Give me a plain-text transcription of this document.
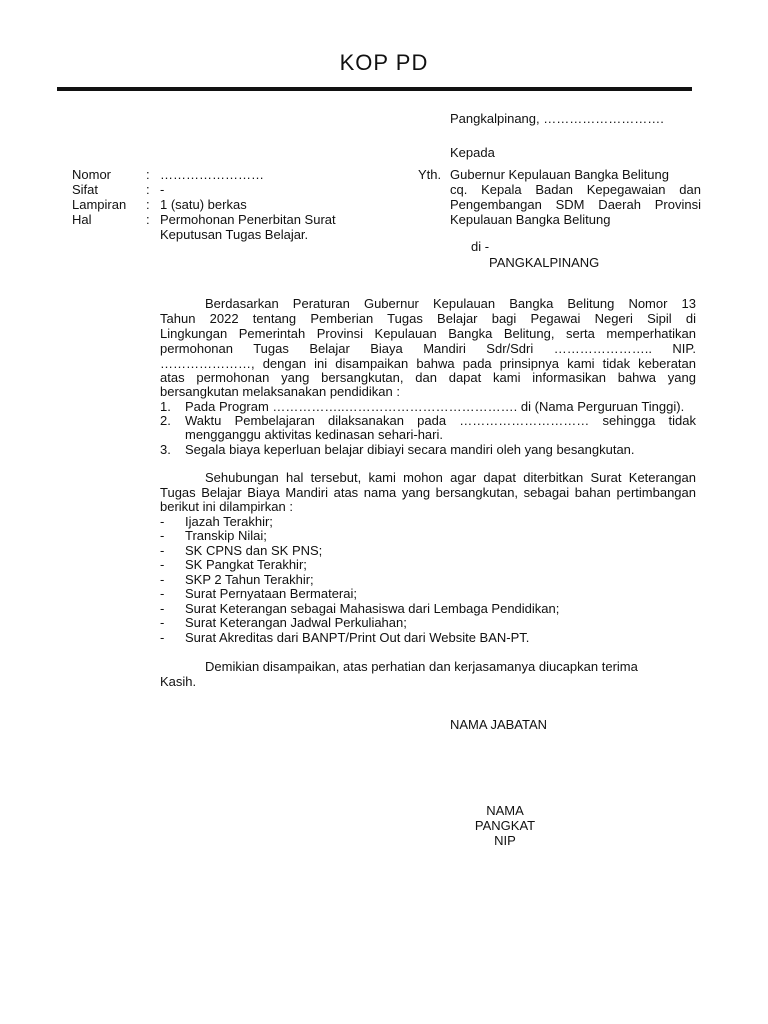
KOP PD
Pangkalpinang, ……………………….
Kepada
Nomor	: ……………………
Sifat	: -
Lampiran : 1 (satu) berkas
Hal	: Permohonan Penerbitan Surat
Keputusan Tugas Belajar.
Yth. Gubernur Kepulauan Bangka Belitung
cq. Kepala Badan Kepegawaian dan
Pengembangan SDM Daerah Provinsi
Kepulauan Bangka Belitung
di -
PANGKALPINANG
Berdasarkan Peraturan Gubernur Kepulauan Bangka Belitung Nomor 13
Tahun 2022 tentang Pemberian Tugas Belajar bagi Pegawai Negeri Sipil di
Lingkungan Pemerintah Provinsi Kepulauan Bangka Belitung, serta memperhatikan
permohonan Tugas Belajar Biaya Mandiri Sdr/Sdri ………………….. NIP.
…………………, dengan ini disampaikan bahwa pada prinsipnya kami tidak keberatan
atas permohonan yang bersangkutan, dan dapat kami informasikan bahwa yang
bersangkutan melaksanakan pendidikan :
1. Pada Program ……………..…………………………………. di (Nama Perguruan Tinggi).
2. Waktu Pembelajaran dilaksanakan pada ………………………… sehingga tidak
mengganggu aktivitas kedinasan sehari-hari.
3. Segala biaya keperluan belajar dibiayi secara mandiri oleh yang besangkutan.
Sehubungan hal tersebut, kami mohon agar dapat diterbitkan Surat Keterangan
Tugas Belajar Biaya Mandiri atas nama yang bersangkutan, sebagai bahan pertimbangan
berikut ini dilampirkan :
- Ijazah Terakhir;
- Transkip Nilai;
- SK CPNS dan SK PNS;
- SK Pangkat Terakhir;
- SKP 2 Tahun Terakhir;
- Surat Pernyataan Bermaterai;
- Surat Keterangan sebagai Mahasiswa dari Lembaga Pendidikan;
- Surat Keterangan Jadwal Perkuliahan;
- Surat Akreditas dari BANPT/Print Out dari Website BAN-PT.
Demikian disampaikan, atas perhatian dan kerjasamanya diucapkan terima
Kasih.
NAMA JABATAN
NAMA
PANGKAT
NIP
